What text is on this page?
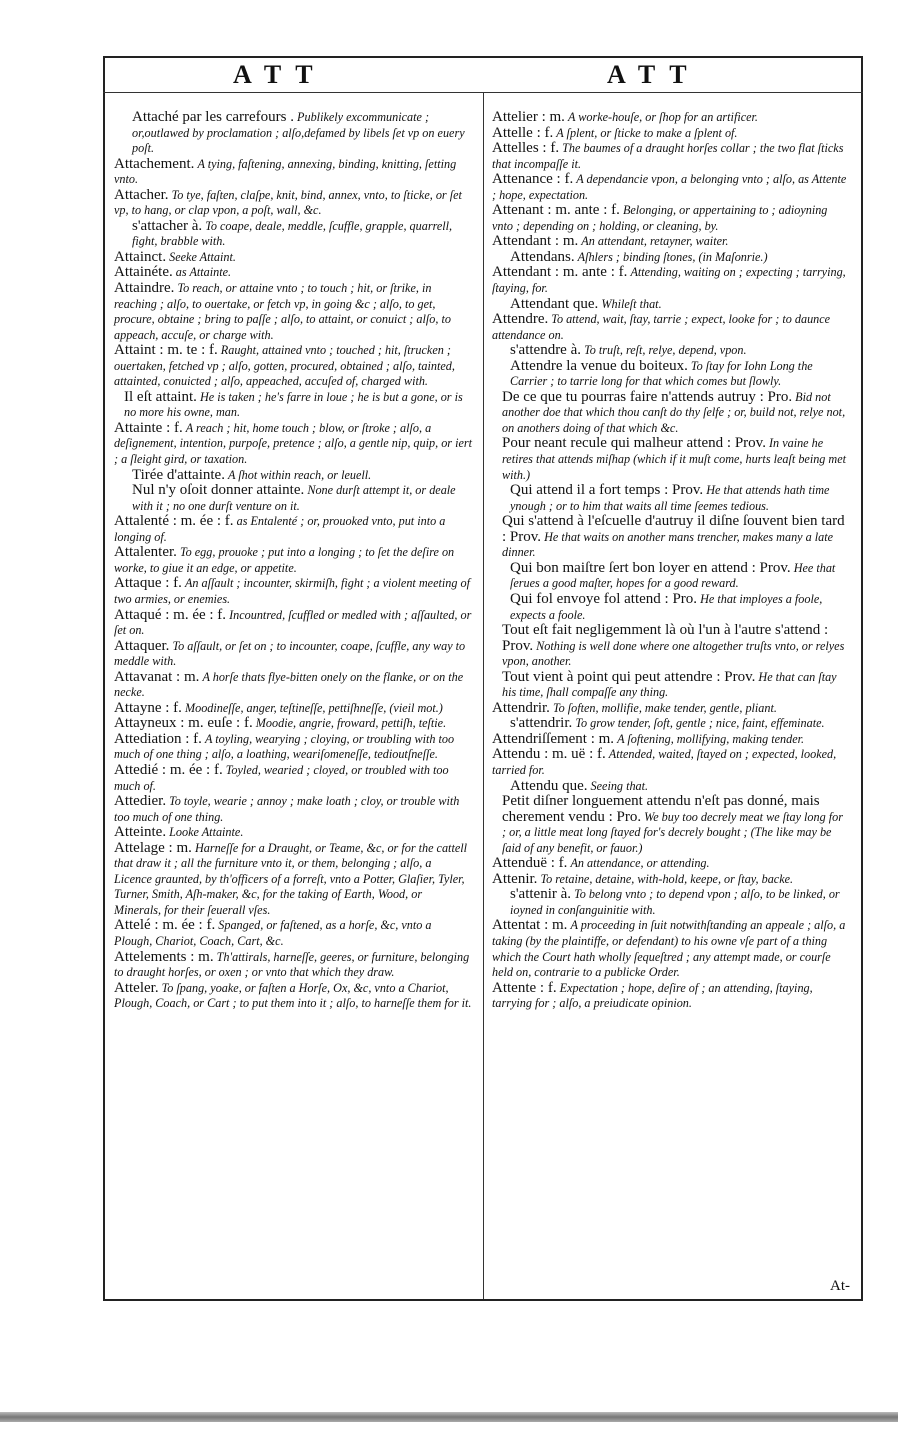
ATT	ATT

Attaché par les carrefours . Publikely excommunicate ; or,outlawed by proclamation ; alſo,defamed by libels ſet vp on euery poſt.

Attachement. A tying, faſtening, annexing, binding, knitting, ſetting vnto.

Attacher. To tye, faſten, claſpe, knit, bind, annex, vnto, to ſticke, or ſet vp, to hang, or clap vpon, a poſt, wall, &c.

s'attacher à. To coape, deale, meddle, ſcuffle, grapple, quarrell, fight, brabble with.

Attainct. Seeke Attaint.

Attainéte. as Attainte.

Attaindre. To reach, or attaine vnto ; to touch ; hit, or ſtrike, in reaching ; alſo, to ouertake, or fetch vp, in going &c ; alſo, to get, procure, obtaine ; bring to paſſe ; alſo, to attaint, or conuict ; alſo, to appeach, accuſe, or charge with.

Attaint : m. te : f. Raught, attained vnto ; touched ; hit, ſtrucken ; ouertaken, fetched vp ; alſo, gotten, procured, obtained ; alſo, tainted, attainted, conuicted ; alſo, appeached, accuſed of, charged with.

Il eſt attaint. He is taken ; he's farre in loue ; he is but a gone, or is no more his owne, man.

Attainte : f. A reach ; hit, home touch ; blow, or ſtroke ; alſo, a deſignement, intention, purpoſe, pretence ; alſo, a gentle nip, quip, or iert ; a ſleight gird, or taxation.

Tirée d'attainte. A ſhot within reach, or leuell.

Nul n'y oſoit donner attainte. None durſt attempt it, or deale with it ; no one durſt venture on it.

Attalenté : m. ée : f. as Entalenté ; or, prouoked vnto, put into a longing of.

Attalenter. To egg, prouoke ; put into a longing ; to ſet the deſire on worke, to giue it an edge, or appetite.

Attaque : f. An aſſault ; incounter, skirmiſh, fight ; a violent meeting of two armies, or enemies.

Attaqué : m. ée : f. Incountred, ſcuffled or medled with ; aſſaulted, or ſet on.

Attaquer. To aſſault, or ſet on ; to incounter, coape, ſcuffle, any way to meddle with.

Attavanat : m. A horſe thats flye-bitten onely on the flanke, or on the necke.

Attayne : f. Moodineſſe, anger, teſtineſſe, pettiſhneſſe, (vieil mot.)

Attayneux : m. euſe : f. Moodie, angrie, froward, pettiſh, teſtie.

Attediation : f. A toyling, wearying ; cloying, or troubling with too much of one thing ; alſo, a loathing, weariſomeneſſe, tedioutſneſſe.

Attedié : m. ée : f. Toyled, wearied ; cloyed, or troubled with too much of.

Attedier. To toyle, wearie ; annoy ; make loath ; cloy, or trouble with too much of one thing.

Atteinte. Looke Attainte.

Attelage : m. Harneſſe for a Draught, or Teame, &c, or for the cattell that draw it ; all the furniture vnto it, or them, belonging ; alſo, a Licence graunted, by th'officers of a forreſt, vnto a Potter, Glaſier, Tyler, Turner, Smith, Aſh-maker, &c, for the taking of Earth, Wood, or Minerals, for their ſeuerall vſes.

Attelé : m. ée : f. Spanged, or faſtened, as a horſe, &c, vnto a Plough, Chariot, Coach, Cart, &c.

Attelements : m. Th'attirals, harneſſe, geeres, or furniture, belonging to draught horſes, or oxen ; or vnto that which they draw.

Atteler. To ſpang, yoake, or faſten a Horſe, Ox, &c, vnto a Chariot, Plough, Coach, or Cart ; to put them into it ; alſo, to harneſſe them for it.

Attelier : m. A worke-houſe, or ſhop for an artificer.

Attelle : f. A ſplent, or ſticke to make a ſplent of.

Attelles : f. The baumes of a draught horſes collar ; the two flat ſticks that incompaſſe it.

Attenance : f. A dependancie vpon, a belonging vnto ; alſo, as Attente ; hope, expectation.

Attenant : m. ante : f. Belonging, or appertaining to ; adioyning vnto ; depending on ; holding, or cleaning, by.

Attendant : m. An attendant, retayner, waiter.

Attendans. Aſhlers ; binding ſtones, (in Maſonrie.)

Attendant : m. ante : f. Attending, waiting on ; expecting ; tarrying, ſtaying, for.

Attendant que. Whileſt that.

Attendre. To attend, wait, ſtay, tarrie ; expect, looke for ; to daunce attendance on.

s'attendre à. To truſt, reſt, relye, depend, vpon.

Attendre la venue du boiteux. To ſtay for Iohn Long the Carrier ; to tarrie long for that which comes but ſlowly.

De ce que tu pourras faire n'attends autruy : Pro. Bid not another doe that which thou canſt do thy ſelfe ; or, build not, relye not, on anothers doing of that which &c.

Pour neant recule qui malheur attend : Prov. In vaine he retires that attends miſhap (which if it muſt come, hurts leaſt being met with.)

Qui attend il a fort temps : Prov. He that attends hath time ynough ; or to him that waits all time ſeemes tedious.

Qui s'attend à l'eſcuelle d'autruy il diſne ſouvent bien tard : Prov. He that waits on another mans trencher, makes many a late dinner.

Qui bon maiſtre ſert bon loyer en attend : Prov. Hee that ſerues a good maſter, hopes for a good reward.

Qui fol envoye fol attend : Pro. He that imployes a foole, expects a foole.

Tout eſt fait negligemment là où l'un à l'autre s'attend : Prov. Nothing is well done where one altogether truſts vnto, or relyes vpon, another.

Tout vient à point qui peut attendre : Prov. He that can ſtay his time, ſhall compaſſe any thing.

Attendrir. To ſoften, mollifie, make tender, gentle, pliant.

s'attendrir. To grow tender, ſoft, gentle ; nice, faint, effeminate.

Attendriſſement : m. A ſoftening, mollifying, making tender.

Attendu : m. uë : f. Attended, waited, ſtayed on ; expected, looked, tarried for.

Attendu que. Seeing that.

Petit diſner longuement attendu n'eſt pas donné, mais cherement vendu : Pro. We buy too decrely meat we ſtay long for ; or, a little meat long ſtayed for's decrely bought ; (The like may be ſaid of any benefit, or fauor.)

Attenduë : f. An attendance, or attending.

Attenir. To retaine, detaine, with-hold, keepe, or ſtay, backe.

s'attenir à. To belong vnto ; to depend vpon ; alſo, to be linked, or ioyned in conſanguinitie with.

Attentat : m. A proceeding in ſuit notwithſtanding an appeale ; alſo, a taking (by the plaintiffe, or defendant) to his owne vſe part of a thing which the Court hath wholly ſequeſtred ; any attempt made, or courſe held on, contrarie to a publicke Order.

Attente : f. Expectation ; hope, deſire of ; an attending, ſtaying, tarrying for ; alſo, a preiudicate opinion.

At-
